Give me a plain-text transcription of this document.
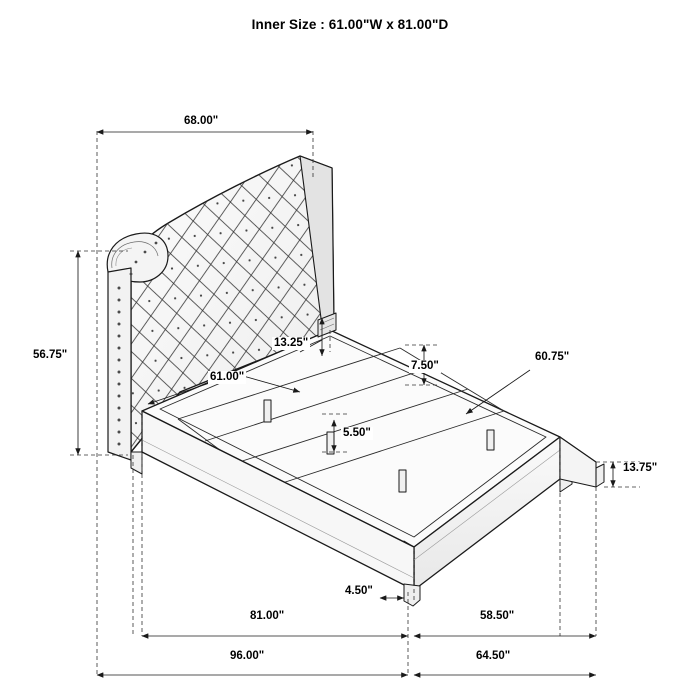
Inner Size : 61.00"W x 81.00"D
68.00"
56.75"
13.25"
7.50"
60.75"
61.00"
5.50"
13.75"
4.50"
81.00"	58.50"
96.00"	64.50"
